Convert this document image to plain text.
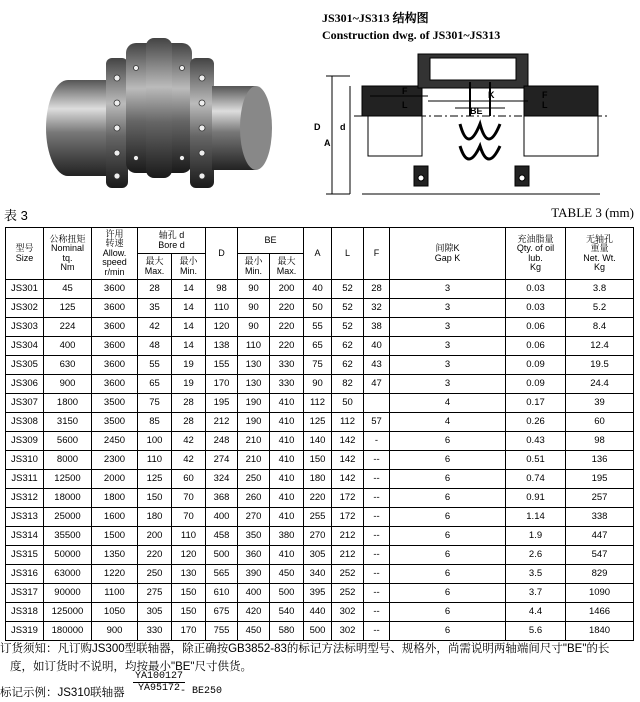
JS301~JS313 结构图
Construction dwg. of JS301~JS313
F
L
BE
K	F
L
D d
A
表 3	TABLE 3 (mm)
型号
Size	公称扭矩
Nominal
tq.
Nm	许用
转速
Allow.
speed
r/min	轴孔 d
Bore d		D	BE		A	L	F	间隙K
Gap K	充油脂量
Qty. of oil
lub.
Kg	无轴孔
重量
Net. Wt.
Kg
			最大
Max.	最小
Min.		最小
Min.	最大
Max.						
JS301	45	3600	28	14	98	90	200	40	52	28	3	0.03	3.8
JS302	125	3600	35	14	110	90	220	50	52	32	3	0.03	5.2
JS303	224	3600	42	14	120	90	220	55	52	38	3	0.06	8.4
JS304	400	3600	48	14	138	110	220	65	62	40	3	0.06	12.4
JS305	630	3600	55	19	155	130	330	75	62	43	3	0.09	19.5
JS306	900	3600	65	19	170	130	330	90	82	47	3	0.09	24.4
JS307	1800	3500	75	28	195	190	410	112	50		4	0.17	39
JS308	3150	3500	85	28	212	190	410	125	112	57	4	0.26	60
JS309	5600	2450	100	42	248	210	410	140	142	-	6	0.43	98
JS310	8000	2300	110	42	274	210	410	150	142	--	6	0.51	136
JS311	12500	2000	125	60	324	250	410	180	142	--	6	0.74	195
JS312	18000	1800	150	70	368	260	410	220	172	--	6	0.91	257
JS313	25000	1600	180	70	400	270	410	255	172	--	6	1.14	338
JS314	35500	1500	200	110	458	350	380	270	212	--	6	1.9	447
JS315	50000	1350	220	120	500	360	410	305	212	--	6	2.6	547
JS316	63000	1220	250	130	565	390	450	340	252	--	6	3.5	829
JS317	90000	1100	275	150	610	400	500	395	252	--	6	3.7	1090
JS318	125000	1050	305	150	675	420	540	440	302	--	6	4.4	1466
JS319	180000	900	330	170	755	450	580	500	302	--	6	5.6	1840
订货须知：凡订购JS300型联轴器，除正确按GB3852-83的标记方法标明型号、规格外，尚需说明两轴端间尺寸"BE"的长
度，如订货时不说明，均按最小"BE"尺寸供货。
标记示例：JS310联轴器 $\frac{YA100127}{YA95172}$
- BE250
